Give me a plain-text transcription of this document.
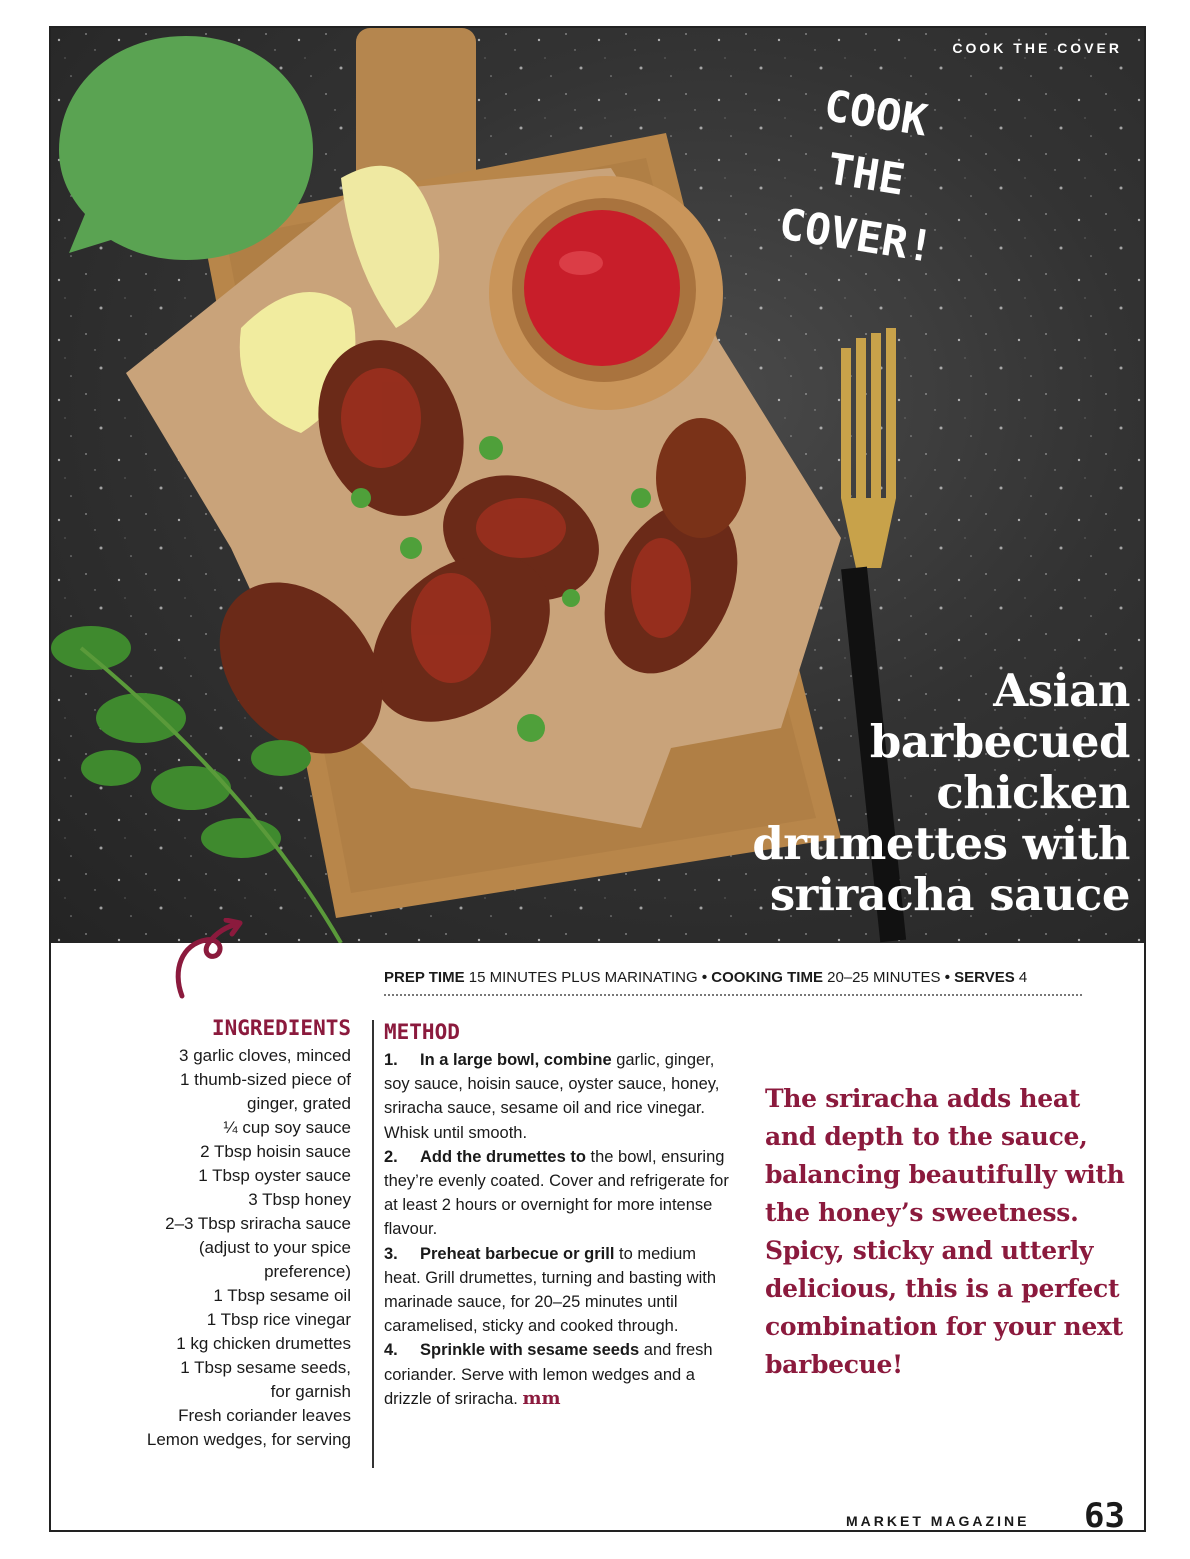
COOK THE COVER
COOK
THE
COVER!
Asian
barbecued
chicken
drumettes with
sriracha sauce
PREP TIME 15 MINUTES PLUS MARINATING • COOKING TIME 20–25 MINUTES • SERVES 4
INGREDIENTS
3 garlic cloves, minced
1 thumb-sized piece of
ginger, grated
¼ cup soy sauce
2 Tbsp hoisin sauce
1 Tbsp oyster sauce
3 Tbsp honey
2–3 Tbsp sriracha sauce
(adjust to your spice
preference)
1 Tbsp sesame oil
1 Tbsp rice vinegar
1 kg chicken drumettes
1 Tbsp sesame seeds,
for garnish
Fresh coriander leaves
Lemon wedges, for serving
METHOD
1. In a large bowl, combine garlic, ginger, soy sauce, hoisin sauce, oyster sauce, honey, sriracha sauce, sesame oil and rice vinegar. Whisk until smooth.
2. Add the drumettes to the bowl, ensuring they’re evenly coated. Cover and refrigerate for at least 2 hours or overnight for more intense flavour.
3. Preheat barbecue or grill to medium heat. Grill drumettes, turning and basting with marinade sauce, for 20–25 minutes until caramelised, sticky and cooked through.
4. Sprinkle with sesame seeds and fresh coriander. Serve with lemon wedges and a drizzle of sriracha. mm
The sriracha adds heat and depth to the sauce, balancing beautifully with the honey’s sweetness. Spicy, sticky and utterly delicious, this is a perfect combination for your next barbecue!
MARKET MAGAZINE 63
